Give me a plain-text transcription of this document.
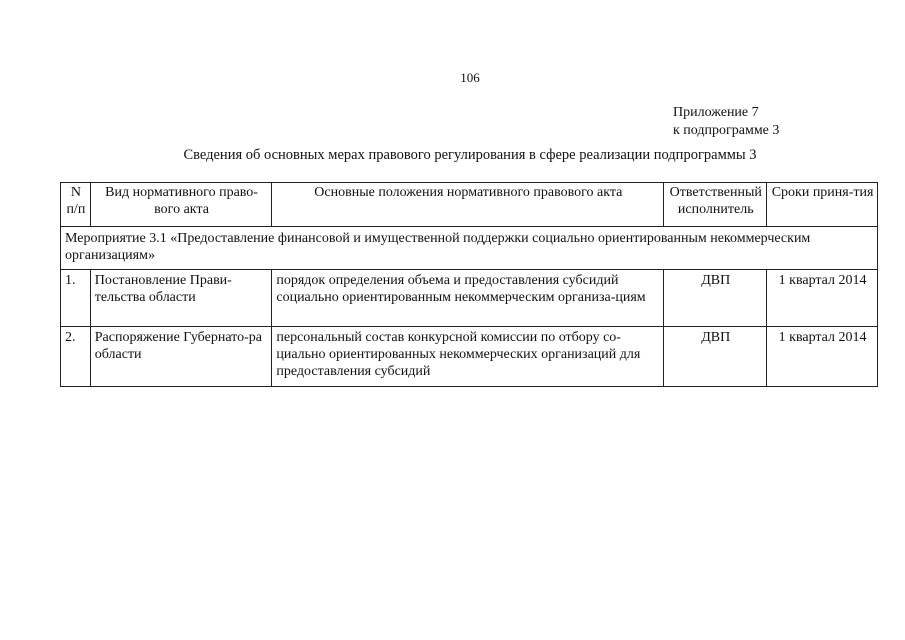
106
Приложение 7
к подпрограмме 3
Сведения об основных мерах правового регулирования в сфере реализации подпрограммы 3
N п/п	Вид нормативного право-вого акта	Основные положения нормативного правового акта	Ответственный исполнитель	Сроки приня-тия
Мероприятие 3.1 «Предоставление финансовой и имущественной поддержки социально ориентированным некоммерческим организациям»				
1.	Постановление Прави-тельства области	порядок определения объема и предоставления субсидий социально ориентированным некоммерческим организа-циям	ДВП	1 квартал 2014
2.	Распоряжение Губернато-ра области	персональный состав конкурсной комиссии по отбору со-циально ориентированных некоммерческих организаций для предоставления субсидий	ДВП	1 квартал 2014
